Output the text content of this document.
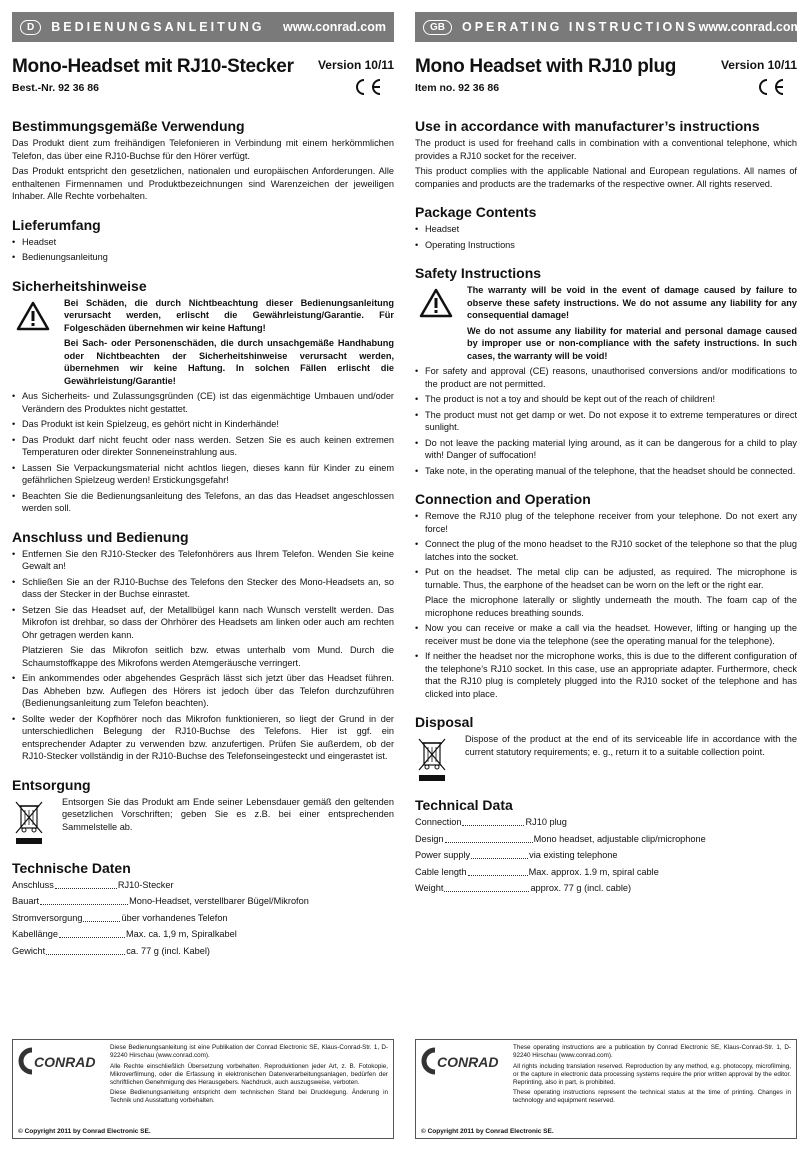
D	BEDIENUNGSANLEITUNG	www.conrad.com
Mono-Headset mit RJ10-Stecker
Best.-Nr. 92 36 86
Version 10/11
Bestimmungsgemäße Verwendung

Das Produkt dient zum freihändigen Telefonieren in Verbindung mit einem herkömmlichen Telefon, das über eine RJ10-Buchse für den Hörer verfügt.

Das Produkt entspricht den gesetzlichen, nationalen und europäischen Anforderungen. Alle enthaltenen Firmennamen und Produktbezeichnungen sind Warenzeichen der jeweiligen Inhaber. Alle Rechte vorbehalten.

Lieferumfang
• Headset
• Bedienungsanleitung
Sicherheitshinweise

Bei Schäden, die durch Nichtbeachtung dieser Bedienungsanleitung verursacht werden, erlischt die Gewährleistung/Garantie. Für Folgeschäden übernehmen wir keine Haftung!

Bei Sach- oder Personenschäden, die durch unsachgemäße Handhabung oder Nichtbeachten der Sicherheitshinweise verursacht werden, übernehmen wir keine Haftung. In solchen Fällen erlischt die Gewährleistung/Garantie!

• Aus Sicherheits- und Zulassungsgründen (CE) ist das eigenmächtige Umbauen und/oder Verändern des Produktes nicht gestattet.
• Das Produkt ist kein Spielzeug, es gehört nicht in Kinderhände!
• Das Produkt darf nicht feucht oder nass werden. Setzen Sie es auch keinen extremen Temperaturen oder direkter Sonneneinstrahlung aus.
• Lassen Sie Verpackungsmaterial nicht achtlos liegen, dieses kann für Kinder zu einem gefährlichen Spielzeug werden! Erstickungsgefahr!
• Beachten Sie die Bedienungsanleitung des Telefons, an das das Headset angeschlossen werden soll.
Anschluss und Bedienung
• Entfernen Sie den RJ10-Stecker des Telefonhörers aus Ihrem Telefon. Wenden Sie keine Gewalt an!
• Schließen Sie an der RJ10-Buchse des Telefons den Stecker des Mono-Headsets an, so dass der Stecker in der Buchse einrastet.
• Setzen Sie das Headset auf, der Metallbügel kann nach Wunsch verstellt werden. Das Mikrofon ist drehbar, so dass der Ohrhörer des Headsets am linken oder auch am rechten Ohr getragen werden kann.

Platzieren Sie das Mikrofon seitlich bzw. etwas unterhalb vom Mund. Durch die Schaumstoffkappe des Mikrofons werden Atemgeräusche verringert.

• Ein ankommendes oder abgehendes Gespräch lässt sich jetzt über das Headset führen. Das Abheben bzw. Auflegen des Hörers ist jedoch über das Telefon durchzuführen (Bedienungsanleitung zum Telefon beachten).
• Sollte weder der Kopfhörer noch das Mikrofon funktionieren, so liegt der Grund in der unterschiedlichen Belegung der RJ10-Buchse des Telefons. Hier ist ggf. ein entsprechender Adapter zu verwenden bzw. anzufertigen. Prüfen Sie außerdem, ob der RJ10-Stecker vollständig in der RJ10-Buchse des Telefonseingesteckt und eingerastet ist.
Entsorgung

Entsorgen Sie das Produkt am Ende seiner Lebensdauer gemäß den geltenden gesetzlichen Vorschriften; geben Sie es z.B. bei einer entsprechenden Sammelstelle ab.

Technische Daten
Anschluss	RJ10-Stecker
Bauart	Mono-Headset, verstellbarer Bügel/Mikrofon
Stromversorgung	über vorhandenes Telefon
Kabellänge	Max. ca. 1,9 m, Spiralkabel
Gewicht	ca. 77 g (incl. Kabel)
GB	OPERATING INSTRUCTIONS www.conrad.com
Mono Headset with RJ10 plug
Item no. 92 36 86
Version 10/11
Use in accordance with manufacturer’s instructions

The product is used for freehand calls in combination with a conventional telephone, which provides a RJ10 socket for the receiver.

This product complies with the applicable National and European regulations. All names of companies and products are the trademarks of the respective owner. All rights reserved.

Package Contents
• Headset
• Operating Instructions
Safety Instructions

The warranty will be void in the event of damage caused by failure to observe these safety instructions. We do not assume any liability for any consequential damage!

We do not assume any liability for material and personal damage caused by improper use or non-compliance with the safety instructions. In such cases, the warranty will be void!

• For safety and approval (CE) reasons, unauthorised conversions and/or modifications to the product are not permitted.
• The product is not a toy and should be kept out of the reach of children!
• The product must not get damp or wet. Do not expose it to extreme temperatures or direct sunlight.
• Do not leave the packing material lying around, as it can be dangerous for a child to play with! Danger of suffocation!
• Take note, in the operating manual of the telephone, that the headset should be connected.
Connection and Operation
• Remove the RJ10 plug of the telephone receiver from your telephone. Do not exert any force!
• Connect the plug of the mono headset to the RJ10 socket of the telephone so that the plug latches into the socket.
• Put on the headset. The metal clip can be adjusted, as required. The microphone is turnable. Thus, the earphone of the headset can be worn on the left or the right ear.

Place the microphone laterally or slightly underneath the mouth. The foam cap of the microphone reduces breathing sounds.

• Now you can receive or make a call via the headset. However, lifting or hanging up the receiver must be done via the telephone (see the operating manual for the telephone).
• If neither the headset nor the microphone works, this is due to the different configuration of the telephone’s RJ10 socket. In this case, use an appropriate adapter. Furthermore, check that the RJ10 plug is completely plugged into the RJ10 socket of the telephone and has clicked into place.
Disposal

Dispose of the product at the end of its serviceable life in accordance with the current statutory requirements; e. g., return it to a suitable collection point.

Technical Data
Connection	RJ10 plug
Design	Mono headset, adjustable clip/microphone
Power supply	via existing telephone
Cable length	Max. approx. 1.9 m, spiral cable
Weight	approx. 77 g (incl. cable)
CONRAD

Diese Bedienungsanleitung ist eine Publikation der Conrad Electronic SE, Klaus-Conrad-Str. 1, D-92240 Hirschau (www.conrad.com).

Alle Rechte einschließlich Übersetzung vorbehalten. Reproduktionen jeder Art, z. B. Fotokopie, Mikroverfilmung, oder die Erfassung in elektronischen Datenverarbeitungsanlagen, bedürfen der schriftlichen Genehmigung des Herausgebers. Nachdruck, auch auszugsweise, verboten.

Diese Bedienungsanleitung entspricht dem technischen Stand bei Drucklegung. Änderung in Technik und Ausstattung vorbehalten.

© Copyright 2011 by Conrad Electronic SE.
CONRAD

These operating instructions are a publication by Conrad Electronic SE, Klaus-Conrad-Str. 1, D-92240 Hirschau (www.conrad.com).

All rights including translation reserved. Reproduction by any method, e.g. photocopy, microfilming, or the capture in electronic data processing systems require the prior written approval by the editor. Reprinting, also in part, is prohibited.

These operating instructions represent the technical status at the time of printing. Changes in technology and equipment reserved.

© Copyright 2011 by Conrad Electronic SE.
